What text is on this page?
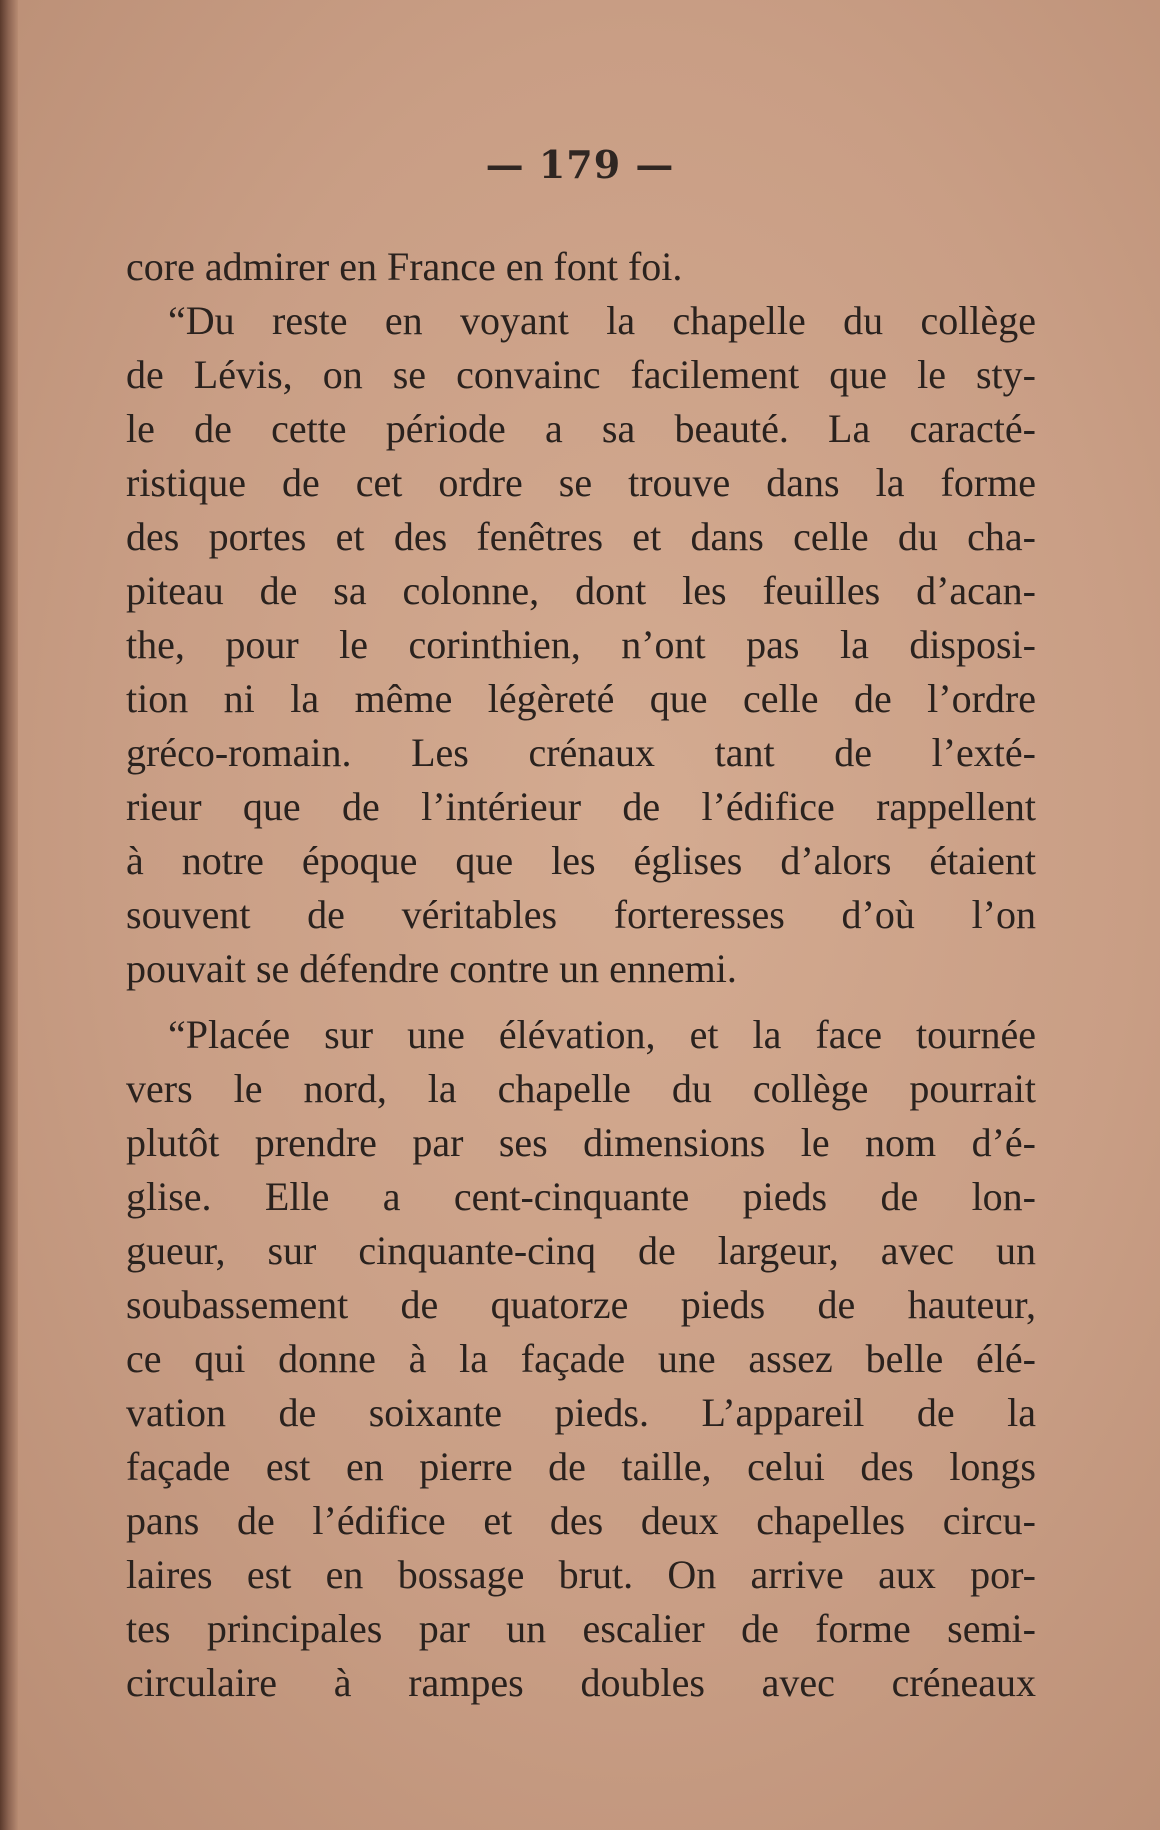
— 179 —

core admirer en France en font foi.

“Du reste en voyant la chapelle du collège
de Lévis, on se convainc facilement que le sty-
le de cette période a sa beauté. La caracté-
ristique de cet ordre se trouve dans la forme
des portes et des fenêtres et dans celle du cha-
piteau de sa colonne, dont les feuilles d’acan-
the, pour le corinthien, n’ont pas la disposi-
tion ni la même légèreté que celle de l’ordre
gréco-romain. Les crénaux tant de l’exté-
rieur que de l’intérieur de l’édifice rappellent
à notre époque que les églises d’alors étaient
souvent de véritables forteresses d’où l’on
pouvait se défendre contre un ennemi.

“Placée sur une élévation, et la face tournée
vers le nord, la chapelle du collège pourrait
plutôt prendre par ses dimensions le nom d’é-
glise. Elle a cent-cinquante pieds de lon-
gueur, sur cinquante-cinq de largeur, avec un
soubassement de quatorze pieds de hauteur,
ce qui donne à la façade une assez belle élé-
vation de soixante pieds. L’appareil de la
façade est en pierre de taille, celui des longs
pans de l’édifice et des deux chapelles circu-
laires est en bossage brut. On arrive aux por-
tes principales par un escalier de forme semi-
circulaire à rampes doubles avec créneaux
